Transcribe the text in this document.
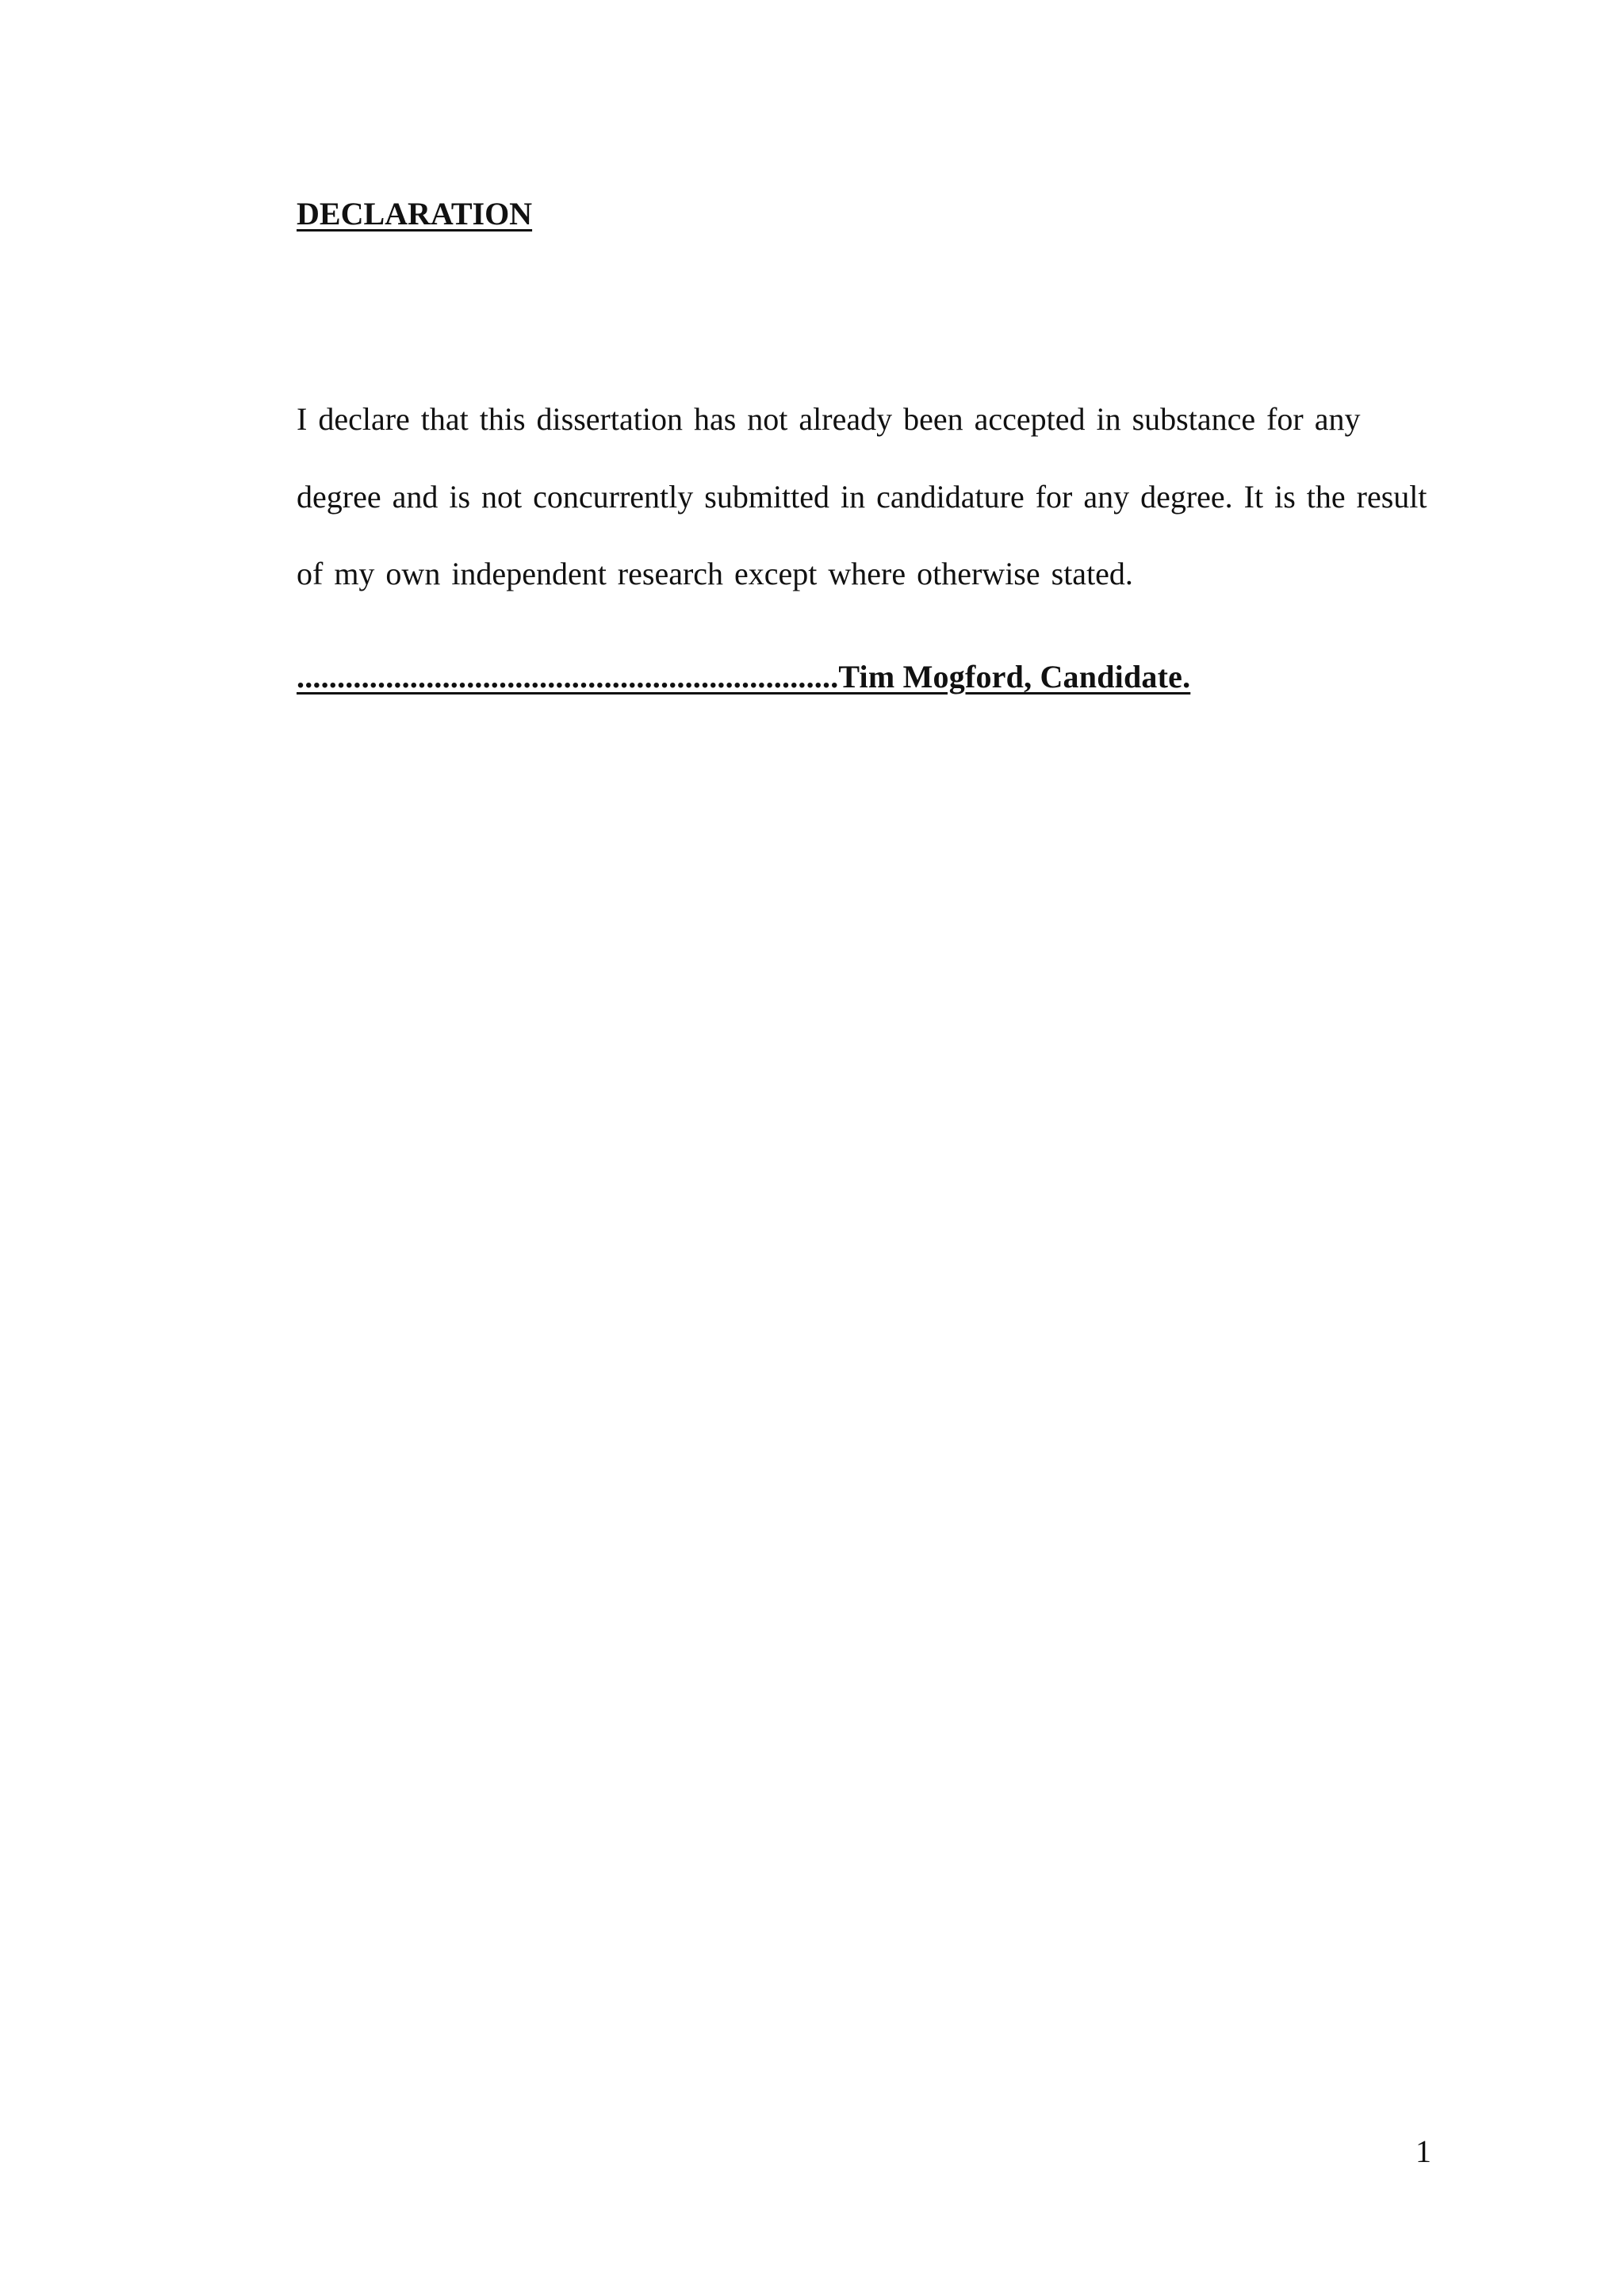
DECLARATION

I declare that this dissertation has not already been accepted in substance for any

degree and is not concurrently submitted in candidature for any degree. It is the result

of my own independent research except where otherwise stated.

...................................................................Tim Mogford, Candidate.

1
